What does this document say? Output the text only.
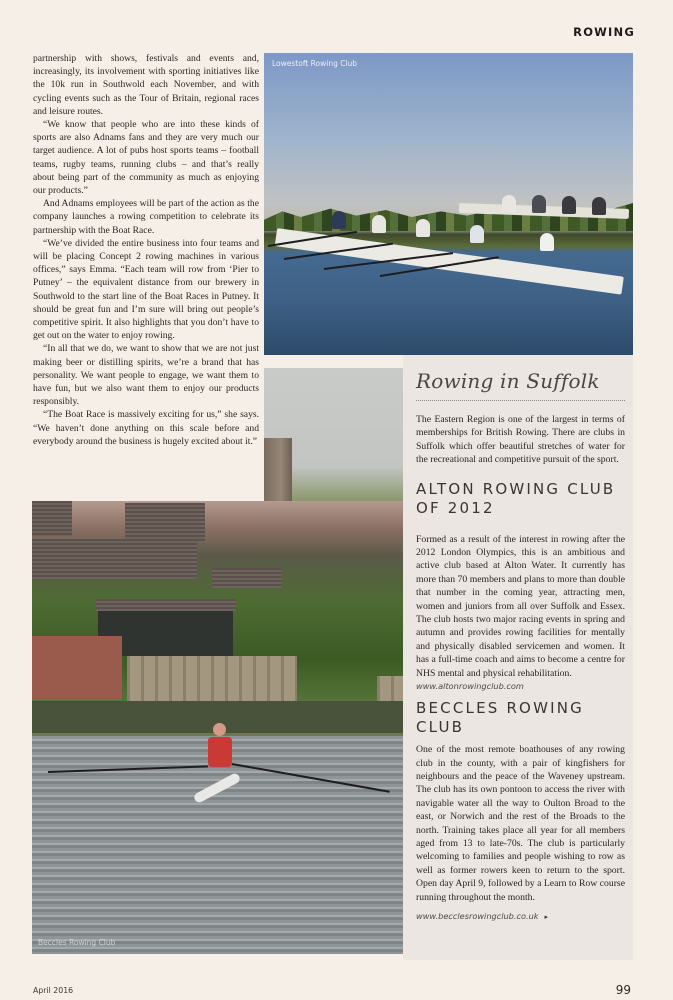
ROWING

partnership with shows, festivals and events and, increasingly, its involvement with sporting initiatives like the 10k run in Southwold each November, and with cycling events such as the Tour of Britain, regional races and leisure routes.

“We know that people who are into these kinds of sports are also Adnams fans and they are very much our target audience. A lot of pubs host sports teams – football teams, rugby teams, running clubs – and that’s really about being part of the community as much as enjoying our products.”

And Adnams employees will be part of the action as the company launches a rowing competition to celebrate its partnership with the Boat Race.

“We’ve divided the entire business into four teams and will be placing Concept 2 rowing machines in various offices,” says Emma. “Each team will row from ‘Pier to Putney’ – the equivalent distance from our brewery in Southwold to the start line of the Boat Races in Putney. It should be great fun and I’m sure will bring out people’s competitive spirit. It also highlights that you don’t have to get out on the water to enjoy rowing.

“In all that we do, we want to show that we are not just making beer or distilling spirits, we’re a brand that has personality. We want people to engage, we want them to have fun, but we also want them to enjoy our products responsibly.

“The Boat Race is massively exciting for us,” she says. “We haven’t done anything on this scale before and everybody around the business is hugely excited about it.”

Lowestoft Rowing Club
Beccles Rowing Club
Rowing in Suffolk

The Eastern Region is one of the largest in terms of memberships for British Rowing. There are clubs in Suffolk which offer beautiful stretches of water for the recreational and competitive pursuit of the sport.

ALTON ROWING CLUB OF 2012

Formed as a result of the interest in rowing after the 2012 London Olympics, this is an ambitious and active club based at Alton Water. It currently has more than 70 members and plans to more than double that number in the coming year, attracting men, women and juniors from all over Suffolk and Essex. The club hosts two major racing events in spring and autumn and provides rowing facilities for mentally and physically disabled servicemen and women. It has a full-time coach and aims to become a centre for NHS mental and physical rehabilitation.

www.altonrowingclub.com
BECCLES ROWING CLUB

One of the most remote boathouses of any rowing club in the county, with a pair of kingfishers for neighbours and the peace of the Waveney upstream. The club has its own pontoon to access the river with navigable water all the way to Oulton Broad to the east, or Norwich and the rest of the Broads to the north. Training takes place all year for all members aged from 13 to late-70s. The club is particularly welcoming to families and people wishing to row as well as former rowers keen to return to the sport. Open day April 9, followed by a Learn to Row course running throughout the month.

www.becclesrowingclub.co.uk ▸
April 2016	99
